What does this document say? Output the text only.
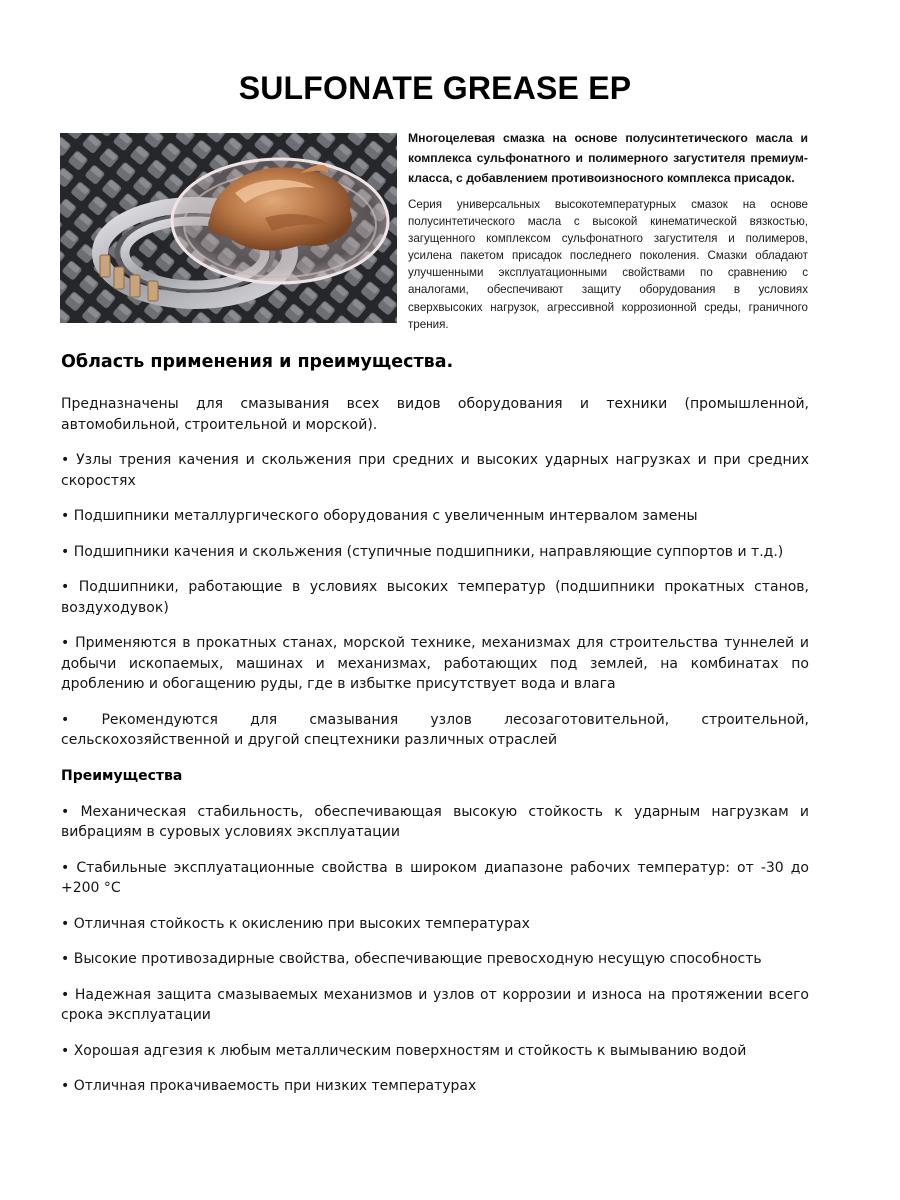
SULFONATE GREASE EP

Многоцелевая смазка на основе полусинтетического масла и комплекса сульфонатного и полимерного загустителя премиум-класса, с добавлением противоизносного комплекса присадок.

Серия универсальных высокотемпературных смазок на основе полусинтетического масла с высокой кинематической вязкостью, загущенного комплексом сульфонатного загустителя и полимеров, усилена пакетом присадок последнего поколения. Смазки обладают улучшенными эксплуатационными свойствами по сравнению с аналогами, обеспечивают защиту оборудования в условиях сверхвысоких нагрузок, агрессивной коррозионной среды, граничного трения.

Область применения и преимущества.

Предназначены для смазывания всех видов оборудования и техники (промышленной, автомобильной, строительной и морской).

• Узлы трения качения и скольжения при средних и высоких ударных нагрузках и при средних скоростях

• Подшипники металлургического оборудования с увеличенным интервалом замены

• Подшипники качения и скольжения (ступичные подшипники, направляющие суппортов и т.д.)

• Подшипники, работающие в условиях высоких температур (подшипники прокатных станов, воздуходувок)

• Применяются в прокатных станах, морской технике, механизмах для строительства туннелей и добычи ископаемых, машинах и механизмах, работающих под землей, на комбинатах по дроблению и обогащению руды, где в избытке присутствует вода и влага

• Рекомендуются для смазывания узлов лесозаготовительной, строительной, сельскохозяйственной и другой спецтехники различных отраслей

Преимущества

• Механическая стабильность, обеспечивающая высокую стойкость к ударным нагрузкам и вибрациям в суровых условиях эксплуатации

• Стабильные эксплуатационные свойства в широком диапазоне рабочих температур: от -30 до +200 °С

• Отличная стойкость к окислению при высоких температурах

• Высокие противозадирные свойства, обеспечивающие превосходную несущую способность

• Надежная защита смазываемых механизмов и узлов от коррозии и износа на протяжении всего срока эксплуатации

• Хорошая адгезия к любым металлическим поверхностям и стойкость к вымыванию водой

• Отличная прокачиваемость при низких температурах
